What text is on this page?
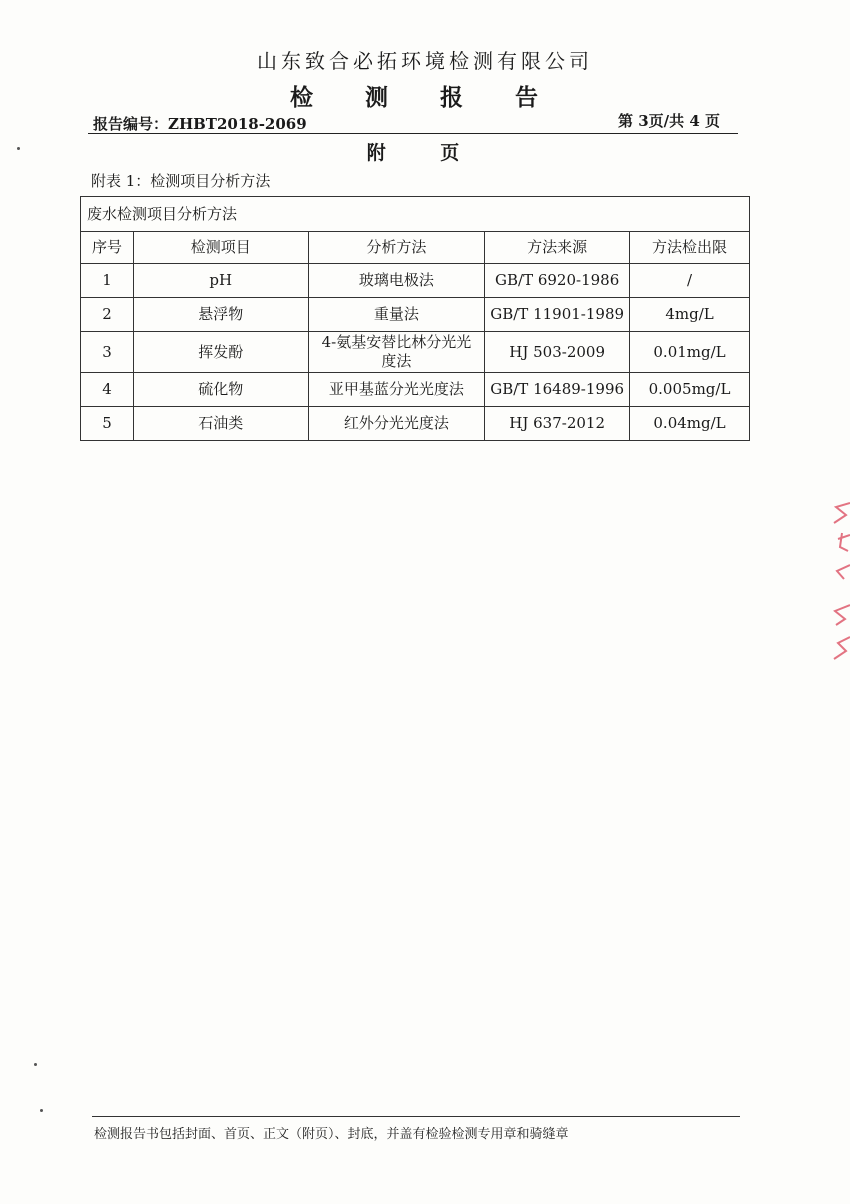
山东致合必拓环境检测有限公司
检 测 报 告
报告编号：ZHBT2018-2069	第 3页/共 4 页
附 页
附表 1：检测项目分析方法
废水检测项目分析方法				
序号	检测项目	分析方法	方法来源	方法检出限
1	pH	玻璃电极法	GB/T 6920-1986	/
2	悬浮物	重量法	GB/T 11901-1989	4mg/L
3	挥发酚	4-氨基安替比林分光光度法	HJ 503-2009	0.01mg/L
4	硫化物	亚甲基蓝分光光度法	GB/T 16489-1996	0.005mg/L
5	石油类	红外分光光度法	HJ 637-2012	0.04mg/L
检测报告书包括封面、首页、正文（附页）、封底，并盖有检验检测专用章和骑缝章
